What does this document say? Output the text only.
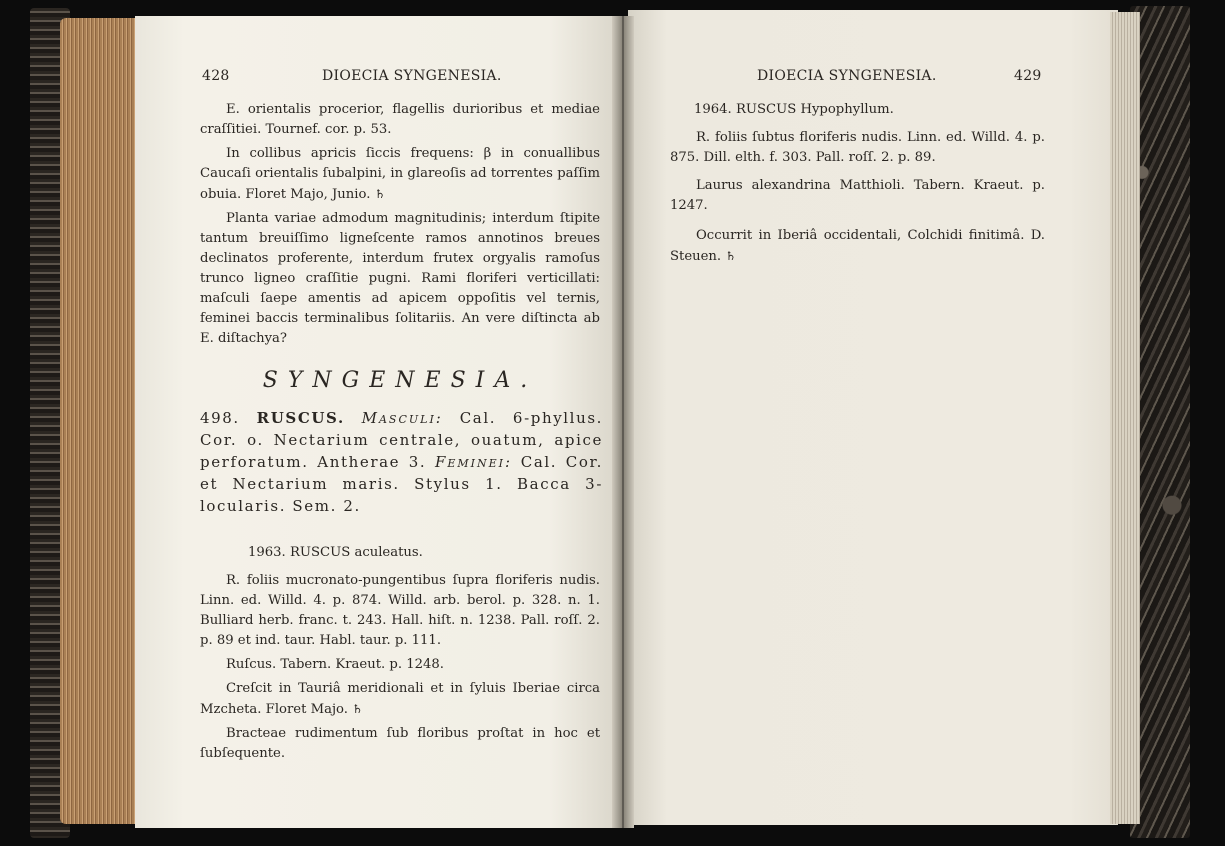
428	DIOECIA SYNGENESIA.

E. orientalis procerior, flagellis durioribus et mediae craſſitiei. Tournef. cor. p. 53.

In collibus apricis ſiccis frequens: β in conuallibus Caucaſi orientalis ſubalpini, in glareoſis ad torrentes paſſim obuia. Floret Majo, Junio. ♄

Planta variae admodum magnitudinis; interdum ſtipite tantum breuiſſimo ligneſcente ramos annotinos breues declinatos proferente, interdum frutex orgyalis ramoſus trunco ligneo craſſitie pugni. Rami floriferi verticillati: maſculi ſaepe amentis ad apicem oppoſitis vel ternis, feminei baccis terminalibus ſolitariis. An vere diſtincta ab E. diſtachya?

SYNGENESIA.
498. RUSCUS. Masculi: Cal. 6-phyllus. Cor. o. Nectarium centrale, ouatum, apice perforatum. Antherae 3. Feminei: Cal. Cor. et Nectarium maris. Stylus 1. Bacca 3-locularis. Sem. 2.

1963. RUSCUS aculeatus.

R. foliis mucronato-pungentibus ſupra floriferis nudis. Linn. ed. Willd. 4. p. 874. Willd. arb. berol. p. 328. n. 1. Bulliard herb. franc. t. 243. Hall. hiſt. n. 1238. Pall. roſſ. 2. p. 89 et ind. taur. Habl. taur. p. 111.

Ruſcus. Tabern. Kraeut. p. 1248.

Creſcit in Tauriâ meridionali et in ſyluis Iberiae circa Mzcheta. Floret Majo. ♄

Bracteae rudimentum ſub floribus proſtat in hoc et ſubſequente.

DIOECIA SYNGENESIA.	429

1964. RUSCUS Hypophyllum.

R. foliis ſubtus floriferis nudis. Linn. ed. Willd. 4. p. 875. Dill. elth. f. 303. Pall. roſſ. 2. p. 89.

Laurus alexandrina Matthioli. Tabern. Kraeut. p. 1247.

Occurrit in Iberiâ occidentali, Colchidi finitimâ. D. Steuen. ♄
